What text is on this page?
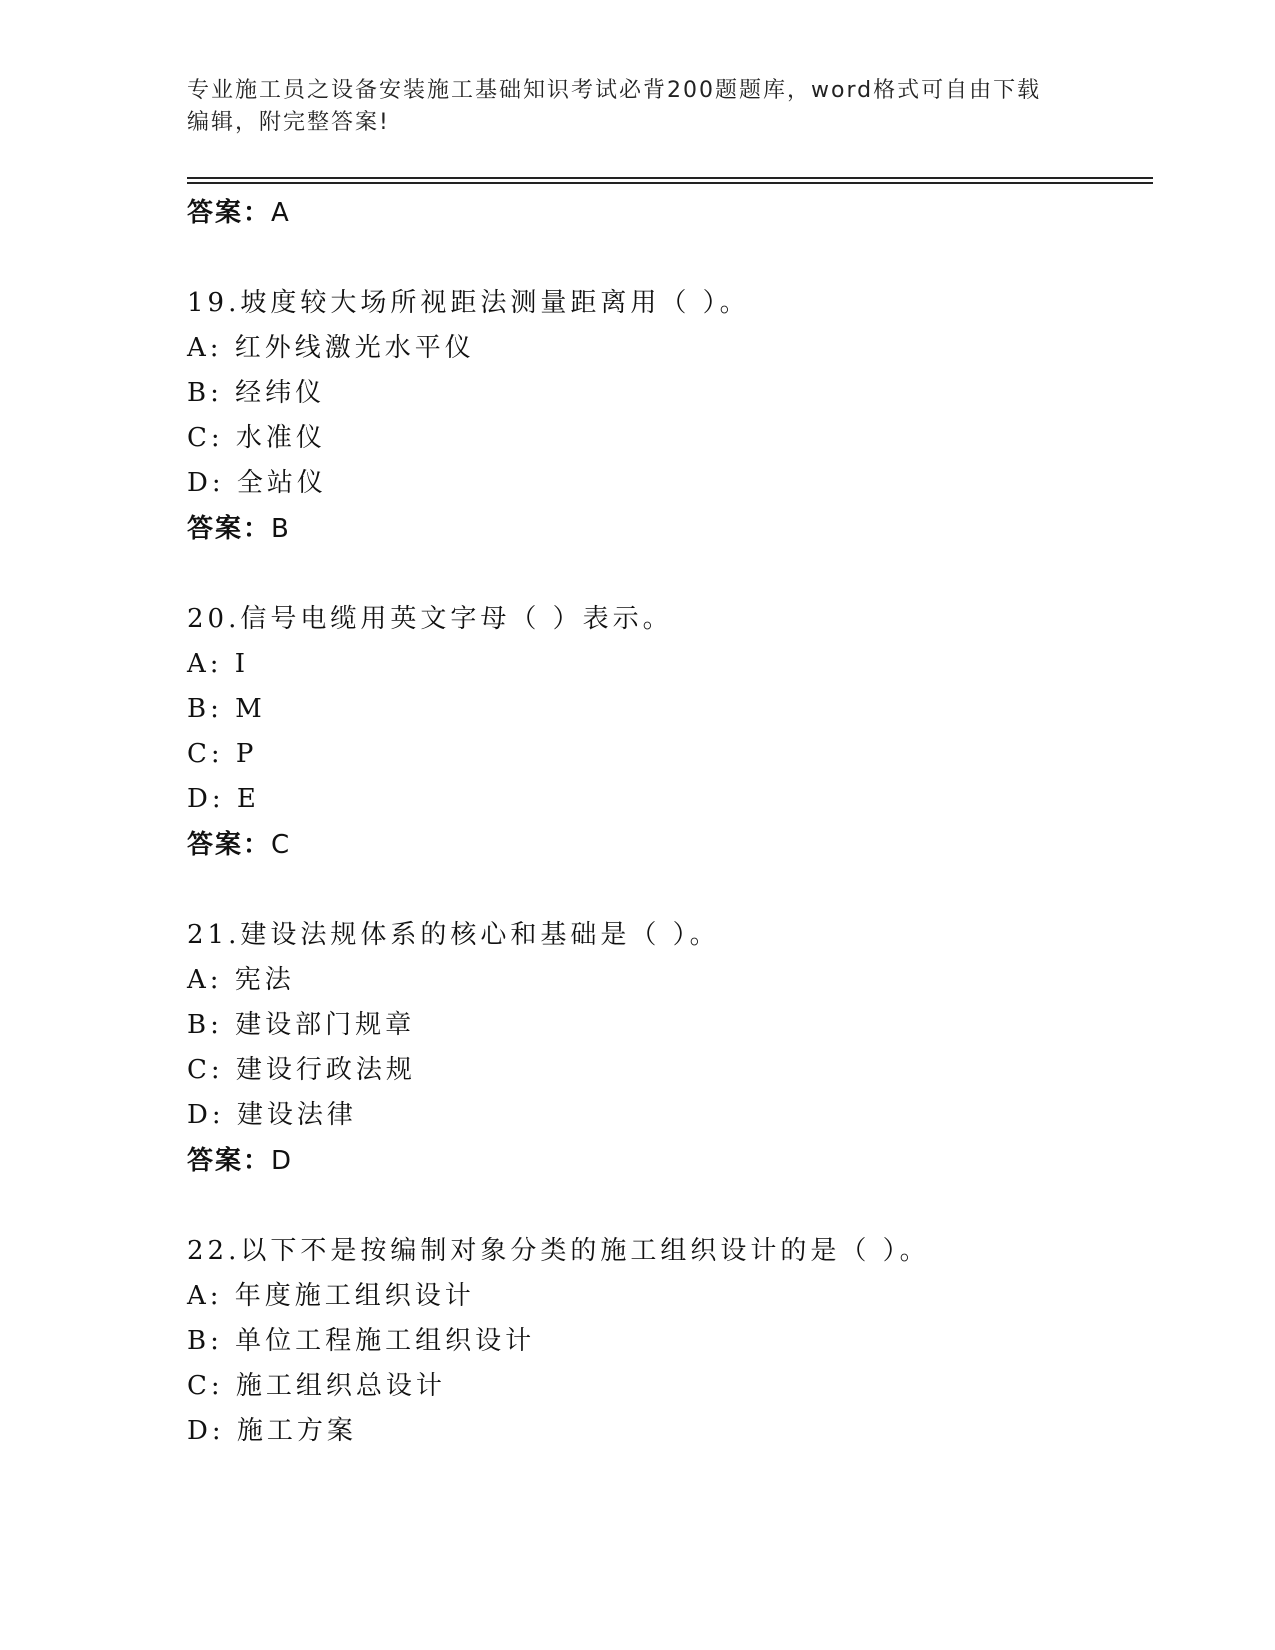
专业施工员之设备安装施工基础知识考试必背200题题库，word格式可自由下载
编辑，附完整答案!
答案：A
19.坡度较大场所视距法测量距离用（ ）。
A: 红外线激光水平仪
B: 经纬仪
C: 水准仪
D: 全站仪
答案：B
20.信号电缆用英文字母（ ）表示。
A: I
B: M
C: P
D: E
答案：C
21.建设法规体系的核心和基础是（ ）。
A: 宪法
B: 建设部门规章
C: 建设行政法规
D: 建设法律
答案：D
22.以下不是按编制对象分类的施工组织设计的是（ ）。
A: 年度施工组织设计
B: 单位工程施工组织设计
C: 施工组织总设计
D: 施工方案
